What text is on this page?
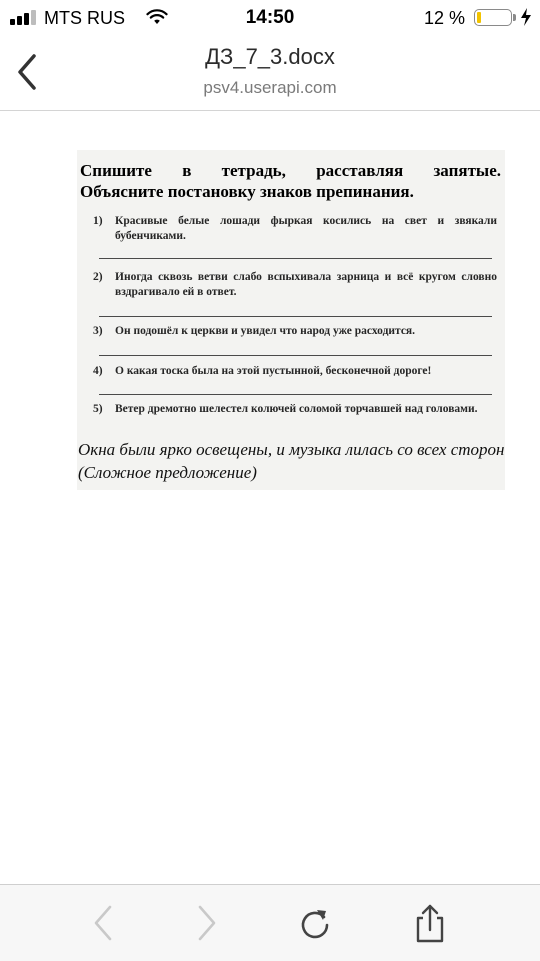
MTS RUS	14:50	12 %
ДЗ_7_3.docx
psv4.userapi.com
Спишите в тетрадь, расставляя запятые.
Объясните постановку знаков препинания.
1) Красивые белые лошади фыркая косились на свет и звякали бубенчиками.
2) Иногда сквозь ветви слабо вспыхивала зарница и всё кругом словно вздрагивало ей в ответ.
3) Он подошёл к церкви и увидел что народ уже расходится.
4) О какая тоска была на этой пустынной, бесконечной дороге!
5) Ветер дремотно шелестел колючей соломой торчавшей над головами.
Окна были ярко освещены, и музыка лилась со всех сторон (Сложное предложение)
